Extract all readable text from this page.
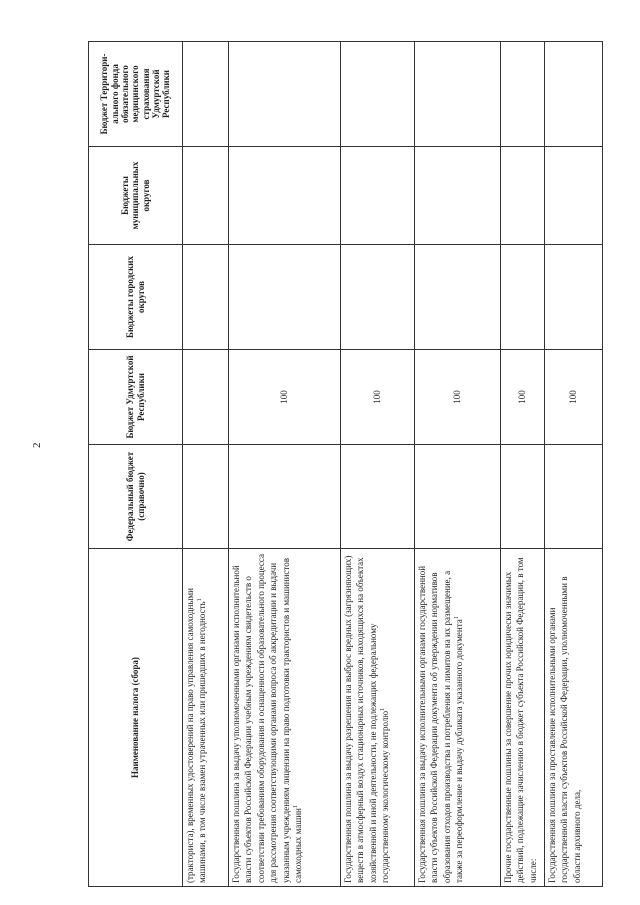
2
Наименование налога (сбора)	Федеральный бюджет (справочно)	Бюджет Удмуртской Республики	Бюджеты городских округов	Бюджеты муниципальных округов	Бюджет Территори-ального фонда обязательного медицинского страхования Удмуртской Республики
(тракториста), временных удостоверений на право управления самоходными машинами, в том числе взамен утраченных или пришедших в негодность$^1$					
Государственная пошлина за выдачу уполномоченными органами исполнительной власти субъектов Российской Федерации учебным учреждениям свидетельств о соответствии требованиям оборудования и оснащенности образовательного процесса для рассмотрения соответствующими органами вопроса об аккредитации и выдачи указанным учреждениям лицензии на право подготовки трактористов и машинистов самоходных машин$^1$		100			
Государственная пошлина за выдачу разрешения на выброс вредных (загрязняющих) веществ в атмосферный воздух стационарных источников, находящихся на объектах хозяйственной и иной деятельности, не подлежащих федеральному государственному экологическому контролю$^1$		100			
Государственная пошлина за выдачу исполнительными органами государственной власти субъектов Российской Федерации документа об утверждении нормативов образования отходов производства и потребления и лимитов на их размещение, а также за переоформление и выдачу дубликата указанного документа$^1$		100			
Прочие государственные пошлины за совершение прочих юридически значимых действий, подлежащие зачислению в бюджет субъекта Российской Федерации, в том числе:		100			
Государственная пошлина за проставление исполнительными органами государственной власти субъектов Российской Федерации, уполномоченными в области архивного дела,		100			
